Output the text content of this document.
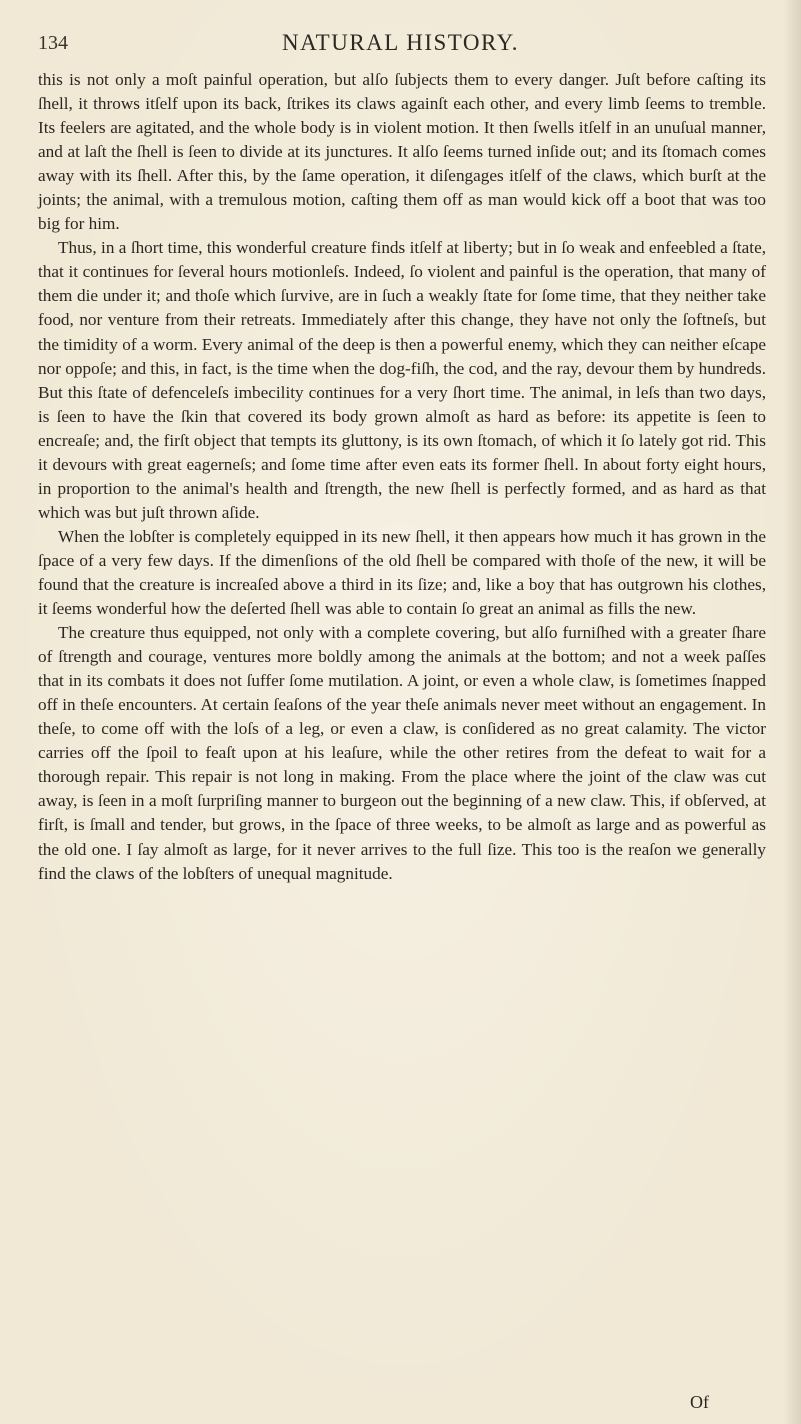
134	NATURAL HISTORY.

this is not only a moſt painful operation, but alſo ſubjects them to every danger. Juſt before caſting its ſhell, it throws itſelf upon its back, ſtrikes its claws againſt each other, and every limb ſeems to tremble. Its feelers are agitated, and the whole body is in violent motion. It then ſwells itſelf in an unuſual manner, and at laſt the ſhell is ſeen to divide at its junctures. It alſo ſeems turned inſide out; and its ſtomach comes away with its ſhell. After this, by the ſame operation, it diſengages itſelf of the claws, which burſt at the joints; the animal, with a tremulous motion, caſting them off as man would kick off a boot that was too big for him.

Thus, in a ſhort time, this wonderful creature finds itſelf at liberty; but in ſo weak and enfeebled a ſtate, that it continues for ſeveral hours motionleſs. Indeed, ſo violent and painful is the operation, that many of them die under it; and thoſe which ſurvive, are in ſuch a weakly ſtate for ſome time, that they neither take food, nor venture from their retreats. Immediately after this change, they have not only the ſoftneſs, but the timidity of a worm. Every animal of the deep is then a powerful enemy, which they can neither eſcape nor oppoſe; and this, in fact, is the time when the dog-fiſh, the cod, and the ray, devour them by hundreds. But this ſtate of defenceleſs imbecility continues for a very ſhort time. The animal, in leſs than two days, is ſeen to have the ſkin that covered its body grown almoſt as hard as before: its appetite is ſeen to encreaſe; and, the firſt object that tempts its gluttony, is its own ſtomach, of which it ſo lately got rid. This it devours with great eagerneſs; and ſome time after even eats its former ſhell. In about forty eight hours, in proportion to the animal's health and ſtrength, the new ſhell is perfectly formed, and as hard as that which was but juſt thrown aſide.

When the lobſter is completely equipped in its new ſhell, it then appears how much it has grown in the ſpace of a very few days. If the dimenſions of the old ſhell be compared with thoſe of the new, it will be found that the creature is increaſed above a third in its ſize; and, like a boy that has outgrown his clothes, it ſeems wonderful how the deſerted ſhell was able to contain ſo great an animal as fills the new.

The creature thus equipped, not only with a complete covering, but alſo furniſhed with a greater ſhare of ſtrength and courage, ventures more boldly among the animals at the bottom; and not a week paſſes that in its combats it does not ſuffer ſome mutilation. A joint, or even a whole claw, is ſometimes ſnapped off in theſe encounters. At certain ſeaſons of the year theſe animals never meet without an engagement. In theſe, to come off with the loſs of a leg, or even a claw, is conſidered as no great calamity. The victor carries off the ſpoil to feaſt upon at his leaſure, while the other retires from the defeat to wait for a thorough repair. This repair is not long in making. From the place where the joint of the claw was cut away, is ſeen in a moſt ſurpriſing manner to burgeon out the beginning of a new claw. This, if obſerved, at firſt, is ſmall and tender, but grows, in the ſpace of three weeks, to be almoſt as large and as powerful as the old one. I ſay almoſt as large, for it never arrives to the full ſize. This too is the reaſon we generally find the claws of the lobſters of unequal magnitude.

Of
